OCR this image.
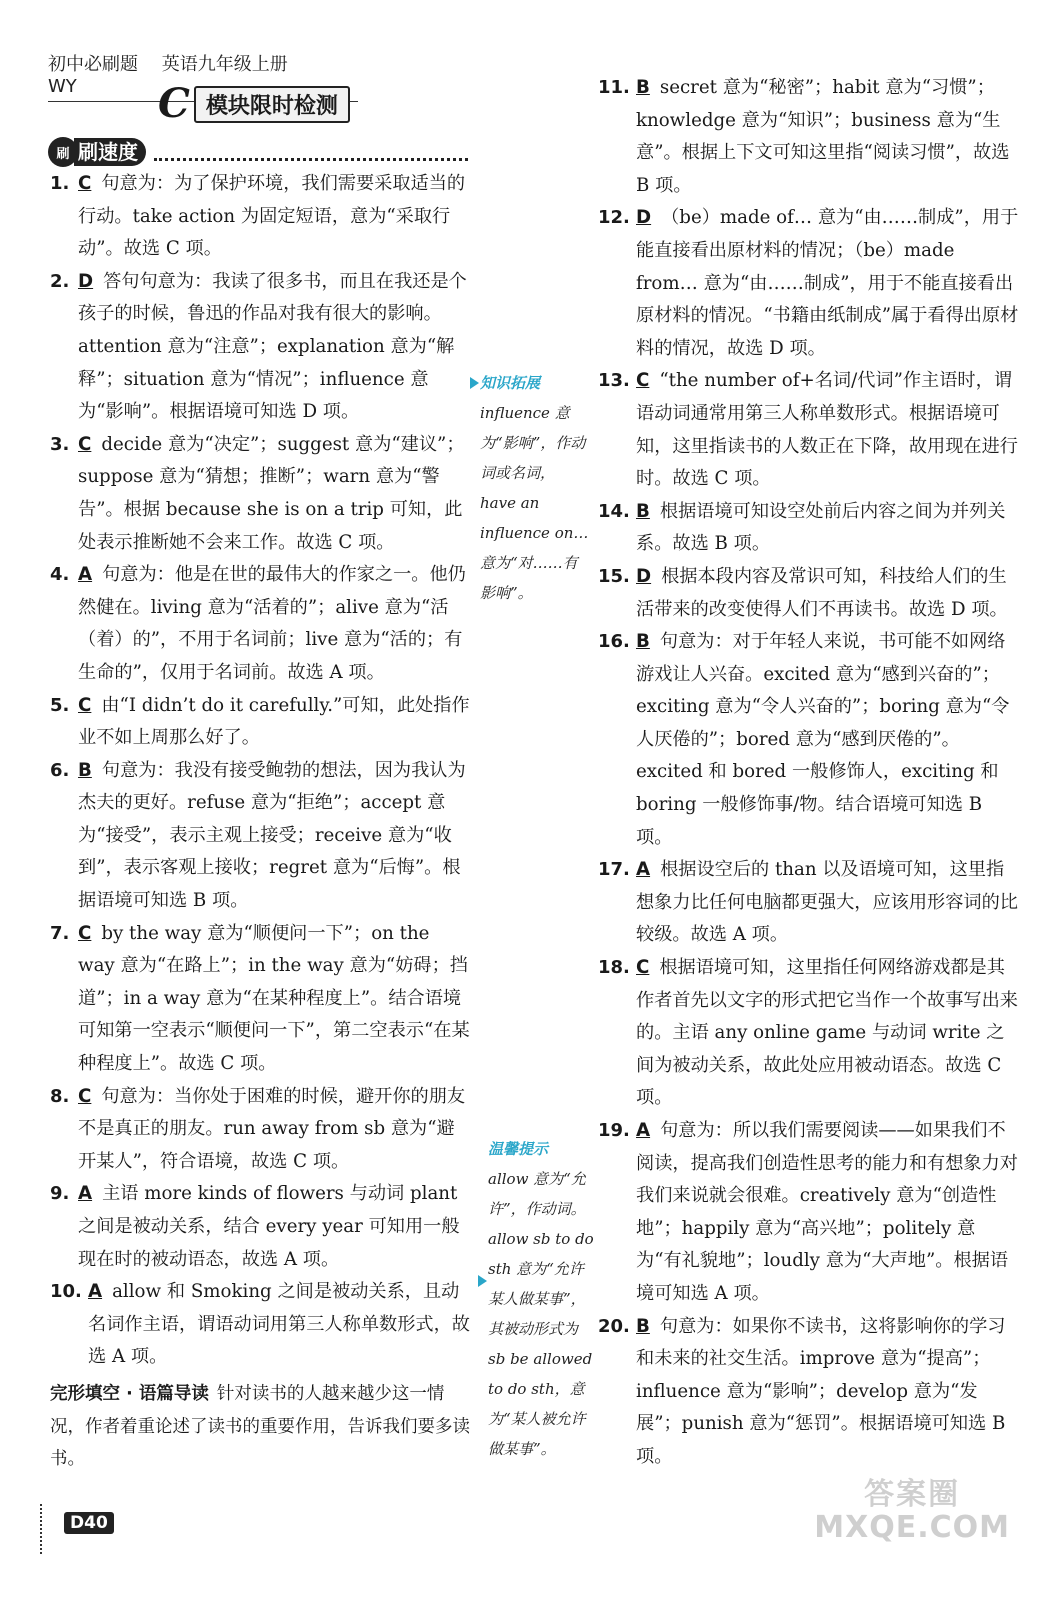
初中必刷题 英语九年级上册 WY	C 模块限时检测
刷 刷速度

1. C 句意为：为了保护环境，我们需要采取适当的行动。take action 为固定短语，意为“采取行动”。故选 C 项。

2. D 答句句意为：我读了很多书，而且在我还是个孩子的时候，鲁迅的作品对我有很大的影响。attention 意为“注意”；explanation 意为“解释”；situation 意为“情况”；influence 意为“影响”。根据语境可知选 D 项。

3. C decide 意为“决定”；suggest 意为“建议”；suppose 意为“猜想；推断”；warn 意为“警告”。根据 because she is on a trip 可知，此处表示推断她不会来工作。故选 C 项。

4. A 句意为：他是在世的最伟大的作家之一。他仍然健在。living 意为“活着的”；alive 意为“活（着）的”，不用于名词前；live 意为“活的；有生命的”，仅用于名词前。故选 A 项。

5. C 由“I didn’t do it carefully.”可知，此处指作业不如上周那么好了。

6. B 句意为：我没有接受鲍勃的想法，因为我认为杰夫的更好。refuse 意为“拒绝”；accept 意为“接受”，表示主观上接受；receive 意为“收到”，表示客观上接收；regret 意为“后悔”。根据语境可知选 B 项。

7. C by the way 意为“顺便问一下”；on the way 意为“在路上”；in the way 意为“妨碍；挡道”；in a way 意为“在某种程度上”。结合语境可知第一空表示“顺便问一下”，第二空表示“在某种程度上”。故选 C 项。

8. C 句意为：当你处于困难的时候，避开你的朋友不是真正的朋友。run away from sb 意为“避开某人”，符合语境，故选 C 项。

9. A 主语 more kinds of flowers 与动词 plant 之间是被动关系，结合 every year 可知用一般现在时的被动语态，故选 A 项。

10. A allow 和 Smoking 之间是被动关系，且动名词作主语，谓语动词用第三人称单数形式，故选 A 项。

完形填空 · 语篇导读 针对读书的人越来越少这一情况，作者着重论述了读书的重要作用，告诉我们要多读书。

知识拓展
influence 意为“影响”，作动词或名词，have an influence on… 意为“对……有影响”。
温馨提示
allow 意为“允许”，作动词。allow sb to do sth 意为“允许某人做某事”，其被动形式为 sb be allowed to do sth，意为“某人被允许做某事”。

11. B secret 意为“秘密”；habit 意为“习惯”；knowledge 意为“知识”；business 意为“生意”。根据上下文可知这里指“阅读习惯”，故选 B 项。

12. D （be）made of… 意为“由……制成”，用于能直接看出原材料的情况；（be）made from… 意为“由……制成”，用于不能直接看出原材料的情况。“书籍由纸制成”属于看得出原材料的情况，故选 D 项。

13. C “the number of+名词/代词”作主语时，谓语动词通常用第三人称单数形式。根据语境可知，这里指读书的人数正在下降，故用现在进行时。故选 C 项。

14. B 根据语境可知设空处前后内容之间为并列关系。故选 B 项。

15. D 根据本段内容及常识可知，科技给人们的生活带来的改变使得人们不再读书。故选 D 项。

16. B 句意为：对于年轻人来说，书可能不如网络游戏让人兴奋。excited 意为“感到兴奋的”；exciting 意为“令人兴奋的”；boring 意为“令人厌倦的”；bored 意为“感到厌倦的”。excited 和 bored 一般修饰人，exciting 和 boring 一般修饰事/物。结合语境可知选 B 项。

17. A 根据设空后的 than 以及语境可知，这里指想象力比任何电脑都更强大，应该用形容词的比较级。故选 A 项。

18. C 根据语境可知，这里指任何网络游戏都是其作者首先以文字的形式把它当作一个故事写出来的。主语 any online game 与动词 write 之间为被动关系，故此处应用被动语态。故选 C 项。

19. A 句意为：所以我们需要阅读——如果我们不阅读，提高我们创造性思考的能力和有想象力对我们来说就会很难。creatively 意为“创造性地”；happily 意为“高兴地”；politely 意为“有礼貌地”；loudly 意为“大声地”。根据语境可知选 A 项。

20. B 句意为：如果你不读书，这将影响你的学习和未来的社交生活。improve 意为“提高”；influence 意为“影响”；develop 意为“发展”；punish 意为“惩罚”。根据语境可知选 B 项。

D40
答案圈
MXQE.COM
